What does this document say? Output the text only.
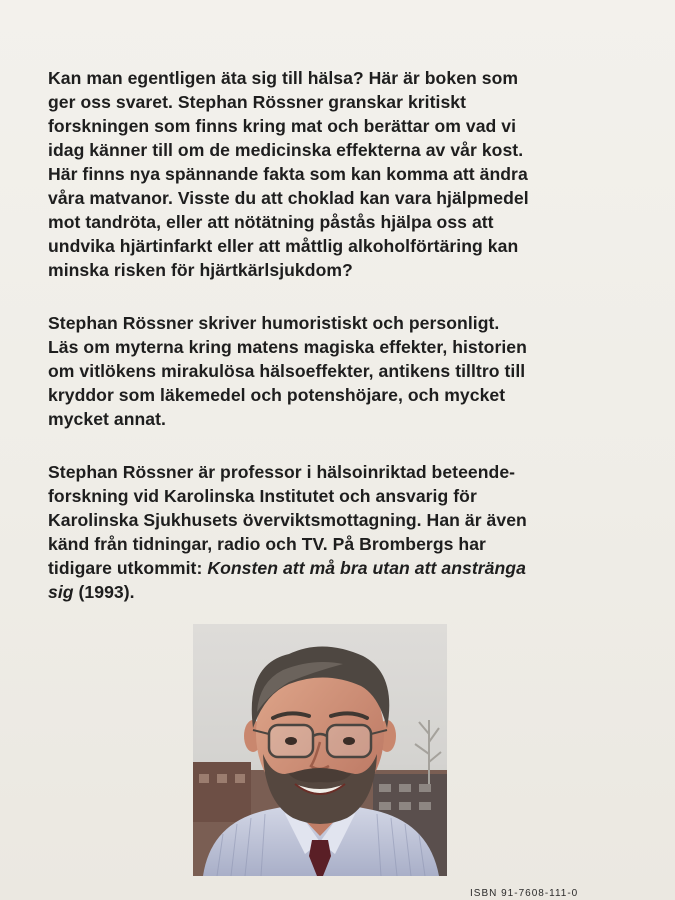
Kan man egentligen äta sig till hälsa? Här är boken som
ger oss svaret. Stephan Rössner granskar kritiskt
forskningen som finns kring mat och berättar om vad vi
idag känner till om de medicinska effekterna av vår kost.
Här finns nya spännande fakta som kan komma att ändra
våra matvanor. Visste du att choklad kan vara hjälpmedel
mot tandröta, eller att nötätning påstås hjälpa oss att
undvika hjärtinfarkt eller att måttlig alkoholförtäring kan
minska risken för hjärtkärlsjukdom?
Stephan Rössner skriver humoristiskt och personligt.
Läs om myterna kring matens magiska effekter, historien
om vitlökens mirakulösa hälsoeffekter, antikens tilltro till
kryddor som läkemedel och potenshöjare, och mycket
mycket annat.
Stephan Rössner är professor i hälsoinriktad beteende-
forskning vid Karolinska Institutet och ansvarig för
Karolinska Sjukhusets överviktsmottagning. Han är även
känd från tidningar, radio och TV. På Brombergs har
tidigare utkommit: Konsten att må bra utan att anstränga
sig (1993).
ISBN 91-7608-111-0
